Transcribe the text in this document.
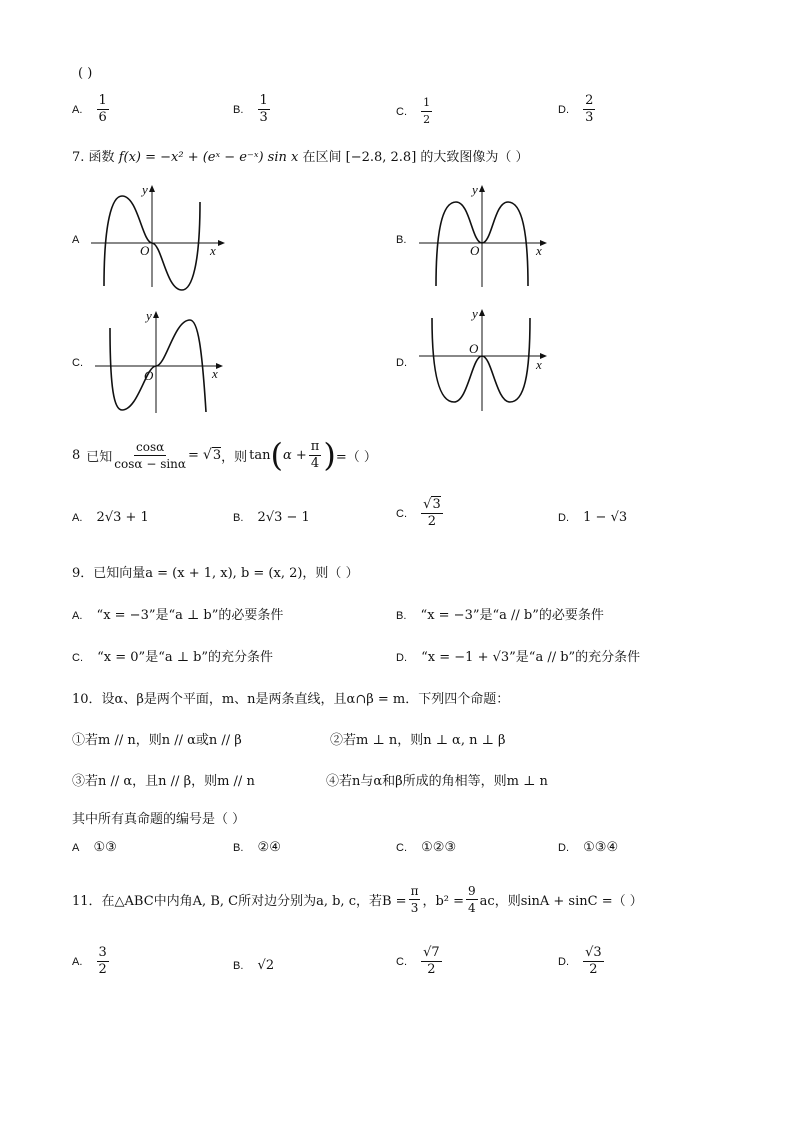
( )
A. $\frac{1}{6}$	B. $\frac{1}{3}$	C. $\frac{1}{2}$	D. $\frac{2}{3}$
7. 函数 f(x) = −x² + (eˣ − e⁻ˣ) sin x 在区间 [−2.8, 2.8] 的大致图像为（ ）
A
y
x
O
B.
y
x
O
C.
y
x
O
D.
y
x
O
8 已知 $\frac{\cos\alpha}{\cos\alpha - \sin\alpha}$ = √ 3 ，则 tan ( $\alpha + \frac{\pi}{4}$ ) =（ ）
A. 2√3 + 1	B. 2√3 − 1	C. $\frac{√3}{2}$	D. 1 − √3
9．已知向量a = (x + 1, x), b = (x, 2)，则（ ）
A. “x = −3”是“a ⊥ b”的必要条件	B. “x = −3”是“a // b”的必要条件
C. “x = 0”是“a ⊥ b”的充分条件	D. “x = −1 + √3”是“a // b”的充分条件
10．设α、β是两个平面，m、n是两条直线，且α∩β = m．下列四个命题：
①若m // n，则n // α或n // β	②若m ⊥ n，则n ⊥ α, n ⊥ β
③若n // α，且n // β，则m // n	④若n与α和β所成的角相等，则m ⊥ n
其中所有真命题的编号是（ ）
A ①③	B. ②④	C. ①②③	D. ①③④
11．在△ABC中内角A, B, C所对边分别为a, b, c，若$B = \frac{\pi}{3}$ ，$b^2 = \frac{9}{4}$ ac，则sinA + sinC =（ ）
A. $\frac{3}{2}$	B. √2	C. $\frac{√7}{2}$	D. $\frac{√3}{2}$
